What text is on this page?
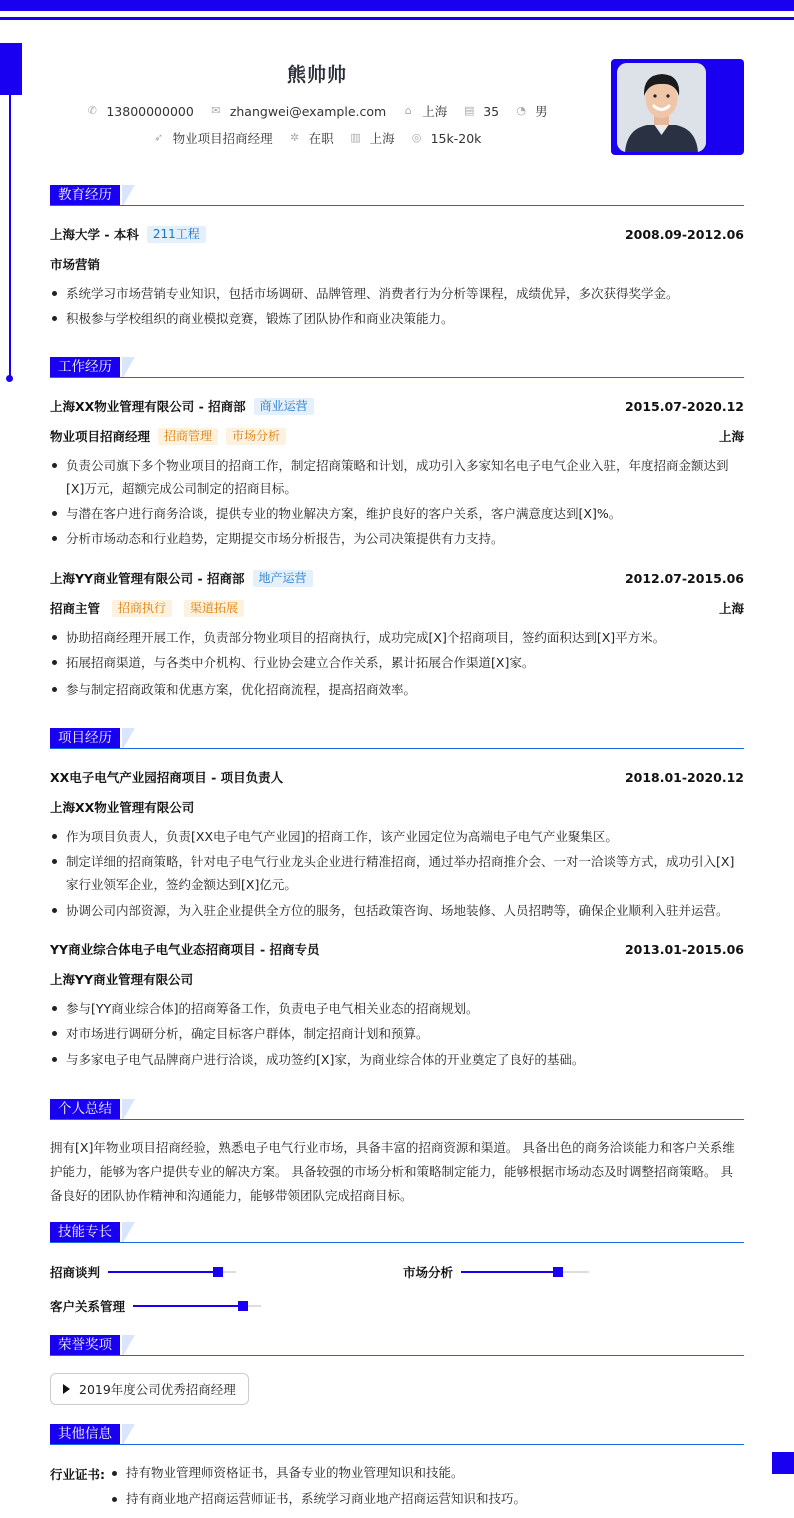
熊帅帅
✆ 13800000000 ✉ zhangwei@example.com ⌂ 上海 ▤ 35 ◔ 男
➶ 物业项目招商经理 ✲ 在职 ▥ 上海 ◎ 15k-20k
教育经历
上海大学 - 本科	211工程	2008.09-2012.06
市场营销
系统学习市场营销专业知识，包括市场调研、品牌管理、消费者行为分析等课程，成绩优异，多次获得奖学金。
积极参与学校组织的商业模拟竞赛，锻炼了团队协作和商业决策能力。
工作经历
上海XX物业管理有限公司 - 招商部	商业运营	2015.07-2020.12
物业项目招商经理	招商管理	市场分析	上海
负责公司旗下多个物业项目的招商工作，制定招商策略和计划，成功引入多家知名电子电气企业入驻，年度招商金额达到[X]万元，超额完成公司制定的招商目标。
与潜在客户进行商务洽谈，提供专业的物业解决方案，维护良好的客户关系，客户满意度达到[X]%。
分析市场动态和行业趋势，定期提交市场分析报告，为公司决策提供有力支持。
上海YY商业管理有限公司 - 招商部	地产运营	2012.07-2015.06
招商主管	招商执行	渠道拓展	上海
协助招商经理开展工作，负责部分物业项目的招商执行，成功完成[X]个招商项目，签约面积达到[X]平方米。
拓展招商渠道，与各类中介机构、行业协会建立合作关系，累计拓展合作渠道[X]家。
参与制定招商政策和优惠方案，优化招商流程，提高招商效率。
项目经历
XX电子电气产业园招商项目 - 项目负责人	2018.01-2020.12
上海XX物业管理有限公司
作为项目负责人，负责[XX电子电气产业园]的招商工作，该产业园定位为高端电子电气产业聚集区。
制定详细的招商策略，针对电子电气行业龙头企业进行精准招商，通过举办招商推介会、一对一洽谈等方式，成功引入[X]家行业领军企业，签约金额达到[X]亿元。
协调公司内部资源，为入驻企业提供全方位的服务，包括政策咨询、场地装修、人员招聘等，确保企业顺利入驻并运营。
YY商业综合体电子电气业态招商项目 - 招商专员	2013.01-2015.06
上海YY商业管理有限公司
参与[YY商业综合体]的招商筹备工作，负责电子电气相关业态的招商规划。
对市场进行调研分析，确定目标客户群体，制定招商计划和预算。
与多家电子电气品牌商户进行洽谈，成功签约[X]家，为商业综合体的开业奠定了良好的基础。
个人总结
拥有[X]年物业项目招商经验，熟悉电子电气行业市场，具备丰富的招商资源和渠道。 具备出色的商务洽谈能力和客户关系维护能力，能够为客户提供专业的解决方案。 具备较强的市场分析和策略制定能力，能够根据市场动态及时调整招商策略。 具备良好的团队协作精神和沟通能力，能够带领团队完成招商目标。
技能专长
招商谈判	市场分析
客户关系管理
荣誉奖项
2019年度公司优秀招商经理
其他信息
行业证书:	持有物业管理师资格证书，具备专业的物业管理知识和技能。
持有商业地产招商运营师证书，系统学习商业地产招商运营知识和技巧。
